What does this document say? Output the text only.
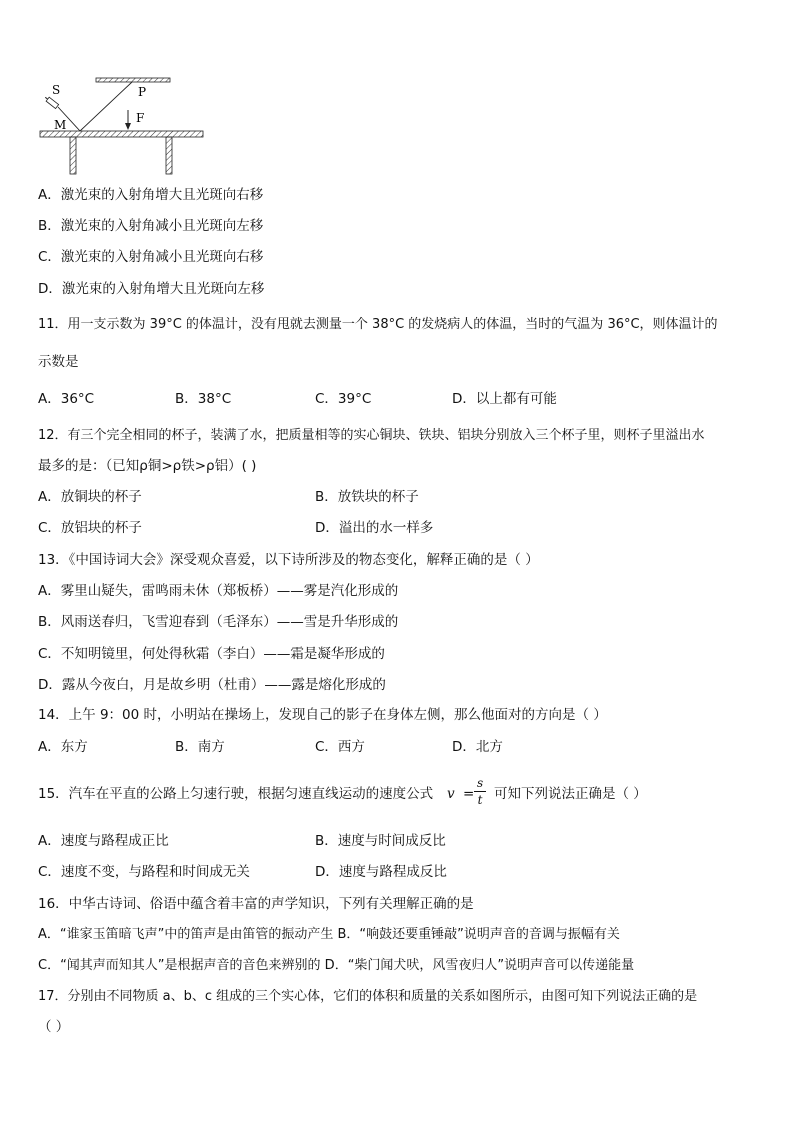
S	P
M	F
A．激光束的入射角增大且光斑向右移
B．激光束的入射角减小且光斑向左移
C．激光束的入射角减小且光斑向右移
D．激光束的入射角增大且光斑向左移
11．用一支示数为 39°C 的体温计，没有甩就去测量一个 38°C 的发烧病人的体温，当时的气温为 36°C，则体温计的
示数是
A．36°C	B．38°C	C．39°C	D．以上都有可能
12．有三个完全相同的杯子，装满了水，把质量相等的实心铜块、铁块、铝块分别放入三个杯子里，则杯子里溢出水
最多的是：（已知ρ铜>ρ铁>ρ铝）( )
A．放铜块的杯子	B．放铁块的杯子
C．放铝块的杯子	D．溢出的水一样多
13．《中国诗词大会》深受观众喜爱，以下诗所涉及的物态变化，解释正确的是（ ）
A．雾里山疑失，雷鸣雨未休（郑板桥）——雾是汽化形成的
B．风雨送春归，飞雪迎春到（毛泽东）——雪是升华形成的
C．不知明镜里，何处得秋霜（李白）——霜是凝华形成的
D．露从今夜白，月是故乡明（杜甫）——露是熔化形成的
14．上午 9：00 时，小明站在操场上，发现自己的影子在身体左侧，那么他面对的方向是（ ）
A．东方	B．南方	C．西方	D．北方
15．汽车在平直的公路上匀速行驶，根据匀速直线运动的速度公式 $v = \frac{s}{t}$ 可知下列说法正确是（ ）
A．速度与路程成正比	B．速度与时间成反比
C．速度不变，与路程和时间成无关	D．速度与路程成反比
16．中华古诗词、俗语中蕴含着丰富的声学知识，下列有关理解正确的是
A．“谁家玉笛暗飞声”中的笛声是由笛管的振动产生 B．“响鼓还要重锤敲”说明声音的音调与振幅有关
C．“闻其声而知其人”是根据声音的音色来辨别的 D．“柴门闻犬吠，风雪夜归人”说明声音可以传递能量
17．分别由不同物质 a、b、c 组成的三个实心体，它们的体积和质量的关系如图所示，由图可知下列说法正确的是
（ ）
